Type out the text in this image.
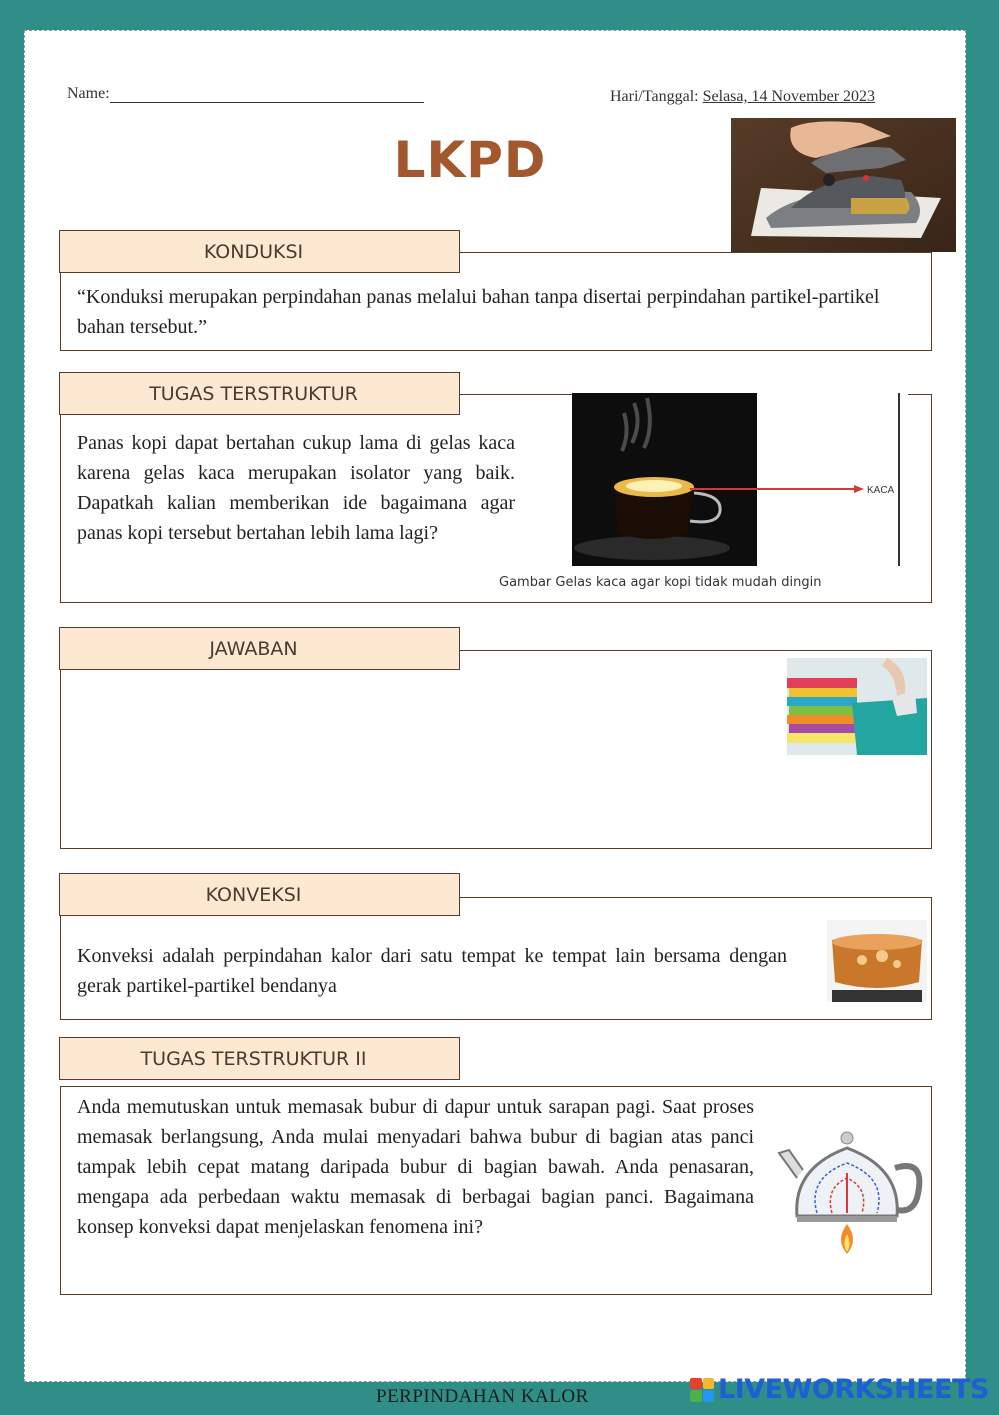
Name:	Hari/Tanggal: Selasa, 14 November 2023
LKPD
KONDUKSI
“Konduksi merupakan perpindahan panas melalui bahan tanpa disertai perpindahan partikel-partikel bahan tersebut.”
TUGAS TERSTRUKTUR
Panas kopi dapat bertahan cukup lama di gelas kaca karena gelas kaca merupakan isolator yang baik. Dapatkah kalian memberikan ide bagaimana agar panas kopi tersebut bertahan lebih lama lagi?
KACA
Gambar Gelas kaca agar kopi tidak mudah dingin
JAWABAN
KONVEKSI
Konveksi adalah perpindahan kalor dari satu tempat ke tempat lain bersama dengan gerak partikel-partikel bendanya
TUGAS TERSTRUKTUR II
Anda memutuskan untuk memasak bubur di dapur untuk sarapan pagi. Saat proses memasak berlangsung, Anda mulai menyadari bahwa bubur di bagian atas panci tampak lebih cepat matang daripada bubur di bagian bawah. Anda penasaran, mengapa ada perbedaan waktu memasak di berbagai bagian panci. Bagaimana konsep konveksi dapat menjelaskan fenomena ini?
PERPINDAHAN KALOR	LIVEWORKSHEETS
